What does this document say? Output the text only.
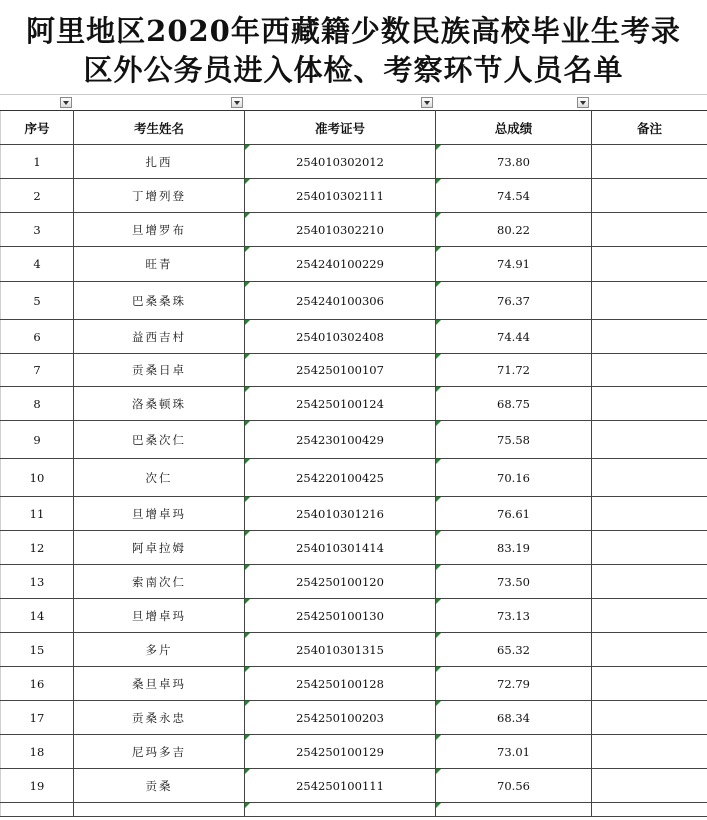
阿里地区2020年西藏籍少数民族高校毕业生考录
区外公务员进入体检、考察环节人员名单
序号	考生姓名	准考证号	总成绩	备注
1	扎西	254010302012	73.80	
2	丁增列登	254010302111	74.54	
3	旦增罗布	254010302210	80.22	
4	旺青	254240100229	74.91	
5	巴桑桑珠	254240100306	76.37	
6	益西吉村	254010302408	74.44	
7	贡桑日卓	254250100107	71.72	
8	洛桑顿珠	254250100124	68.75	
9	巴桑次仁	254230100429	75.58	
10	次仁	254220100425	70.16	
11	旦增卓玛	254010301216	76.61	
12	阿卓拉姆	254010301414	83.19	
13	索南次仁	254250100120	73.50	
14	旦增卓玛	254250100130	73.13	
15	多片	254010301315	65.32	
16	桑旦卓玛	254250100128	72.79	
17	贡桑永忠	254250100203	68.34	
18	尼玛多吉	254250100129	73.01	
19	贡桑	254250100111	70.56	
